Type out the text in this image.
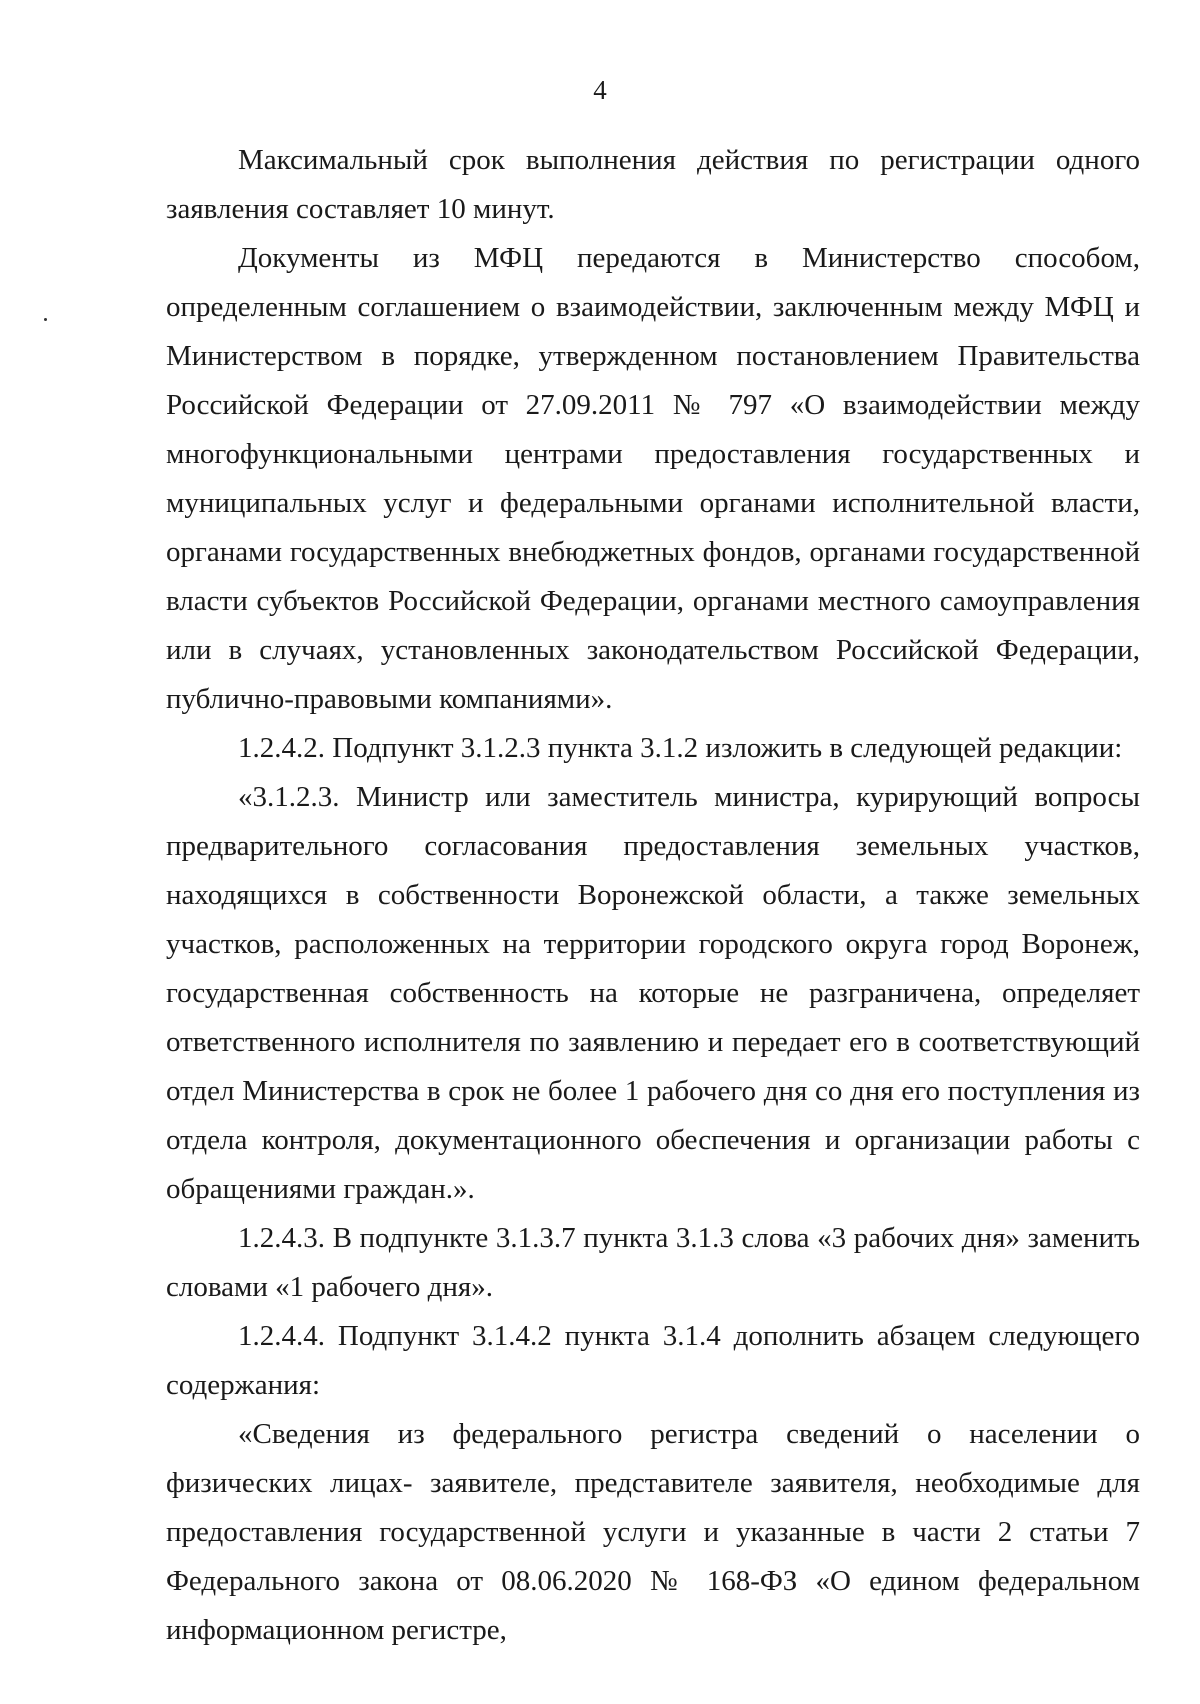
4

Максимальный срок выполнения действия по регистрации одного заявления составляет 10 минут.

Документы из МФЦ передаются в Министерство способом, определенным соглашением о взаимодействии, заключенным между МФЦ и Министерством в порядке, утвержденном постановлением Правительства Российской Федерации от 27.09.2011 № 797 «О взаимодействии между многофункциональными центрами предоставления государственных и муниципальных услуг и федеральными органами исполнительной власти, органами государственных внебюджетных фондов, органами государственной власти субъектов Российской Федерации, органами местного самоуправления или в случаях, установленных законодательством Российской Федерации, публично-правовыми компаниями».

1.2.4.2. Подпункт 3.1.2.3 пункта 3.1.2 изложить в следующей редакции:

«3.1.2.3. Министр или заместитель министра, курирующий вопросы предварительного согласования предоставления земельных участков, находящихся в собственности Воронежской области, а также земельных участков, расположенных на территории городского округа город Воронеж, государственная собственность на которые не разграничена, определяет ответственного исполнителя по заявлению и передает его в соответствующий отдел Министерства в срок не более 1 рабочего дня со дня его поступления из отдела контроля, документационного обеспечения и организации работы с обращениями граждан.».

1.2.4.3. В подпункте 3.1.3.7 пункта 3.1.3 слова «3 рабочих дня» заменить словами «1 рабочего дня».

1.2.4.4. Подпункт 3.1.4.2 пункта 3.1.4 дополнить абзацем следующего содержания:

«Сведения из федерального регистра сведений о населении о физических лицах- заявителе, представителе заявителя, необходимые для предоставления государственной услуги и указанные в части 2 статьи 7 Федерального закона от 08.06.2020 № 168-ФЗ «О едином федеральном информационном регистре,
